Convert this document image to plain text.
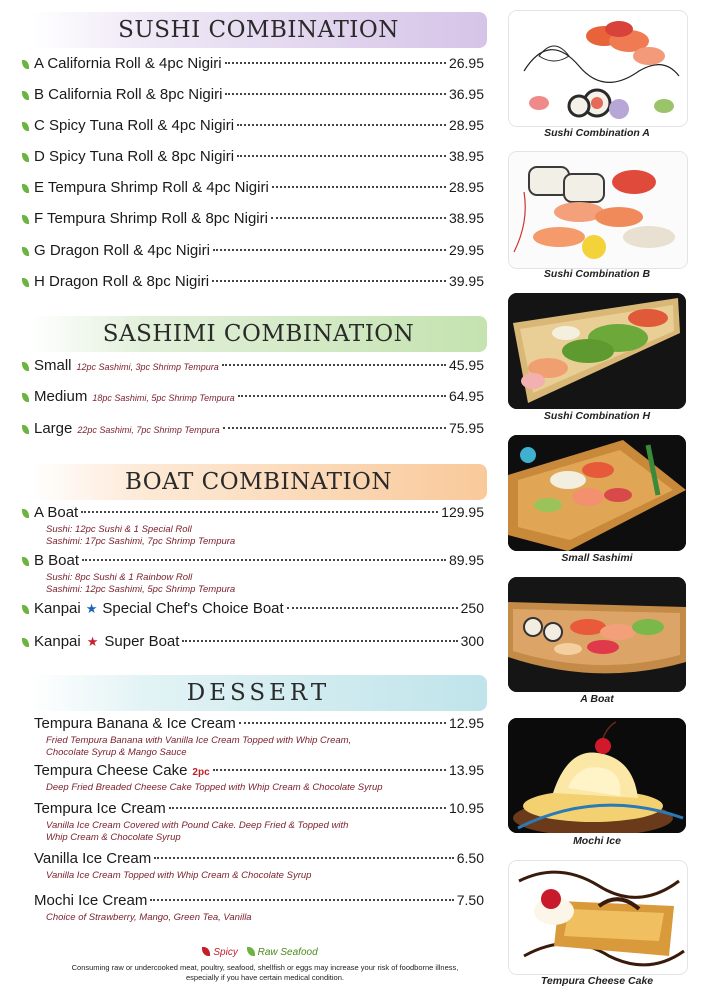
SUSHI COMBINATION
A California Roll & 4pc Nigiri	26.95
B California Roll & 8pc Nigiri	36.95
C Spicy Tuna Roll & 4pc Nigiri	28.95
D Spicy Tuna Roll & 8pc Nigiri	38.95
E Tempura Shrimp Roll & 4pc Nigiri	28.95
F Tempura Shrimp Roll & 8pc Nigiri	38.95
G Dragon Roll & 4pc Nigiri	29.95
H Dragon Roll & 8pc Nigiri	39.95
SASHIMI COMBINATION
Small 12pc Sashimi, 3pc Shrimp Tempura	45.95
Medium 18pc Sashimi, 5pc Shrimp Tempura	64.95
Large 22pc Sashimi, 7pc Shrimp Tempura	75.95
BOAT COMBINATION
A Boat	129.95
Sushi: 12pc Sushi & 1 Special Roll
Sashimi: 17pc Sashimi, 7pc Shrimp Tempura
B Boat	89.95
Sushi: 8pc Sushi & 1 Rainbow Roll
Sashimi: 12pc Sashimi, 5pc Shrimp Tempura
Kanpai ★ Special Chef's Choice Boat	250
Kanpai ★ Super Boat	300
DESSERT
Tempura Banana & Ice Cream	12.95
Fried Tempura Banana with Vanilla Ice Cream Topped with Whip Cream,
Chocolate Syrup & Mango Sauce
Tempura Cheese Cake 2pc	13.95
Deep Fried Breaded Cheese Cake Topped with Whip Cream & Chocolate Syrup
Tempura Ice Cream	10.95
Vanilla Ice Cream Covered with Pound Cake. Deep Fried & Topped with
Whip Cream & Chocolate Syrup
Vanilla Ice Cream	6.50
Vanilla Ice Cream Topped with Whip Cream & Chocolate Syrup
Mochi Ice Cream	7.50
Choice of Strawberry, Mango, Green Tea, Vanilla
Sushi Combination A
Sushi Combination B
Sushi Combination H
Small Sashimi
A Boat
Mochi Ice
Tempura Cheese Cake
Spicy Raw Seafood
Consuming raw or undercooked meat, poultry, seafood, shellfish or eggs may increase your risk of foodborne illness,
especially if you have certain medical condition.
